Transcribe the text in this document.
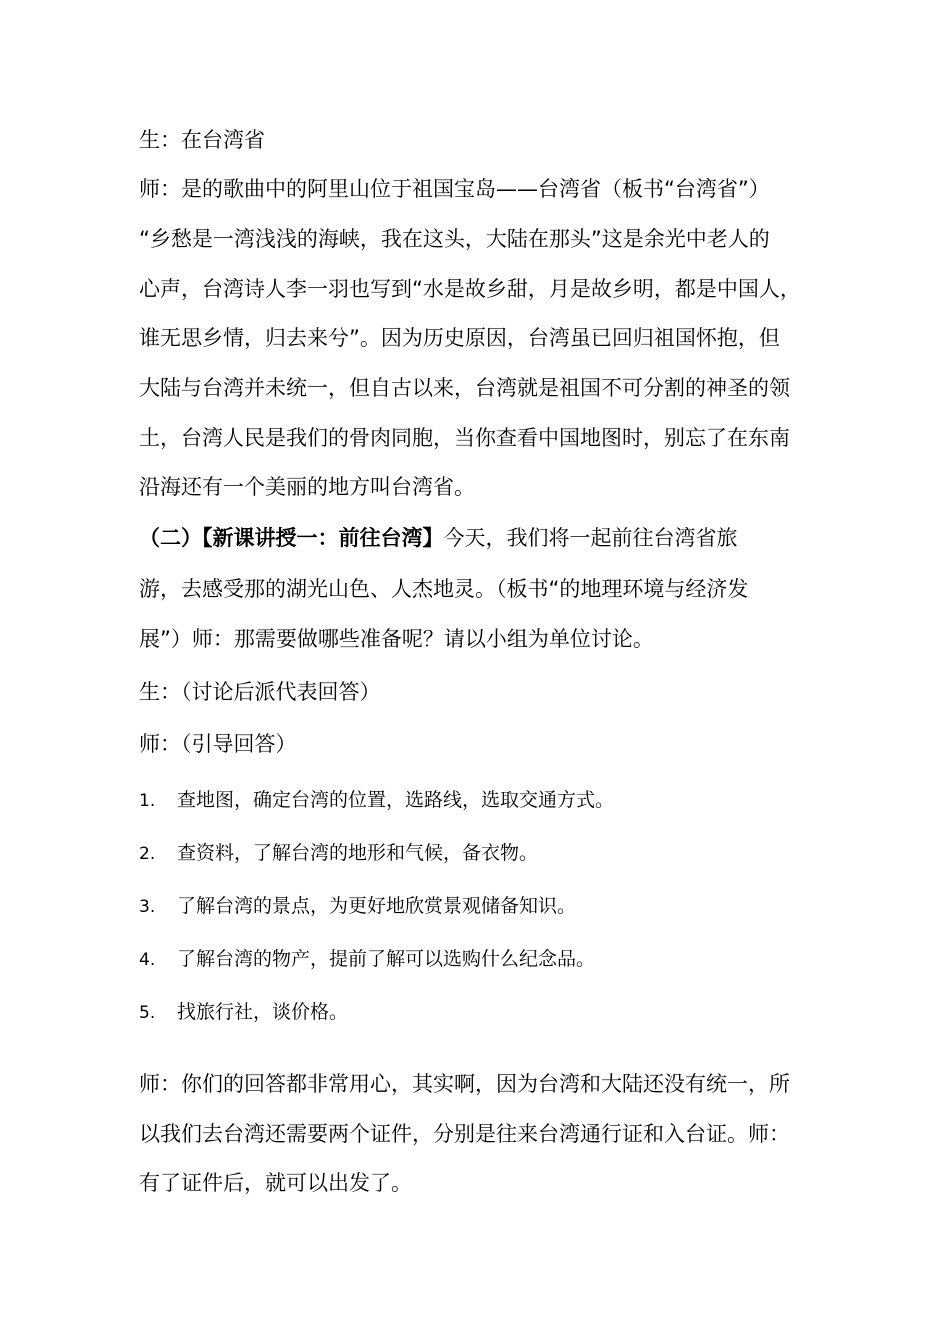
生：在台湾省
师：是的歌曲中的阿里山位于祖国宝岛——台湾省（板书“台湾省”）
“乡愁是一湾浅浅的海峡，我在这头，大陆在那头”这是余光中老人的
心声，台湾诗人李一羽也写到“水是故乡甜，月是故乡明，都是中国人，
谁无思乡情，归去来兮”。因为历史原因，台湾虽已回归祖国怀抱，但
大陆与台湾并未统一，但自古以来，台湾就是祖国不可分割的神圣的领
土，台湾人民是我们的骨肉同胞，当你查看中国地图时，别忘了在东南
沿海还有一个美丽的地方叫台湾省。
（二）【新课讲授一：前往台湾】今天，我们将一起前往台湾省旅
游，去感受那的湖光山色、人杰地灵。（板书“的地理环境与经济发
展”）师：那需要做哪些准备呢？请以小组为单位讨论。
生：（讨论后派代表回答）
师：（引导回答）
1. 查地图，确定台湾的位置，选路线，选取交通方式。
2. 查资料，了解台湾的地形和气候，备衣物。
3. 了解台湾的景点，为更好地欣赏景观储备知识。
4. 了解台湾的物产，提前了解可以选购什么纪念品。
5. 找旅行社，谈价格。
师：你们的回答都非常用心，其实啊，因为台湾和大陆还没有统一，所
以我们去台湾还需要两个证件，分别是往来台湾通行证和入台证。师：
有了证件后，就可以出发了。
